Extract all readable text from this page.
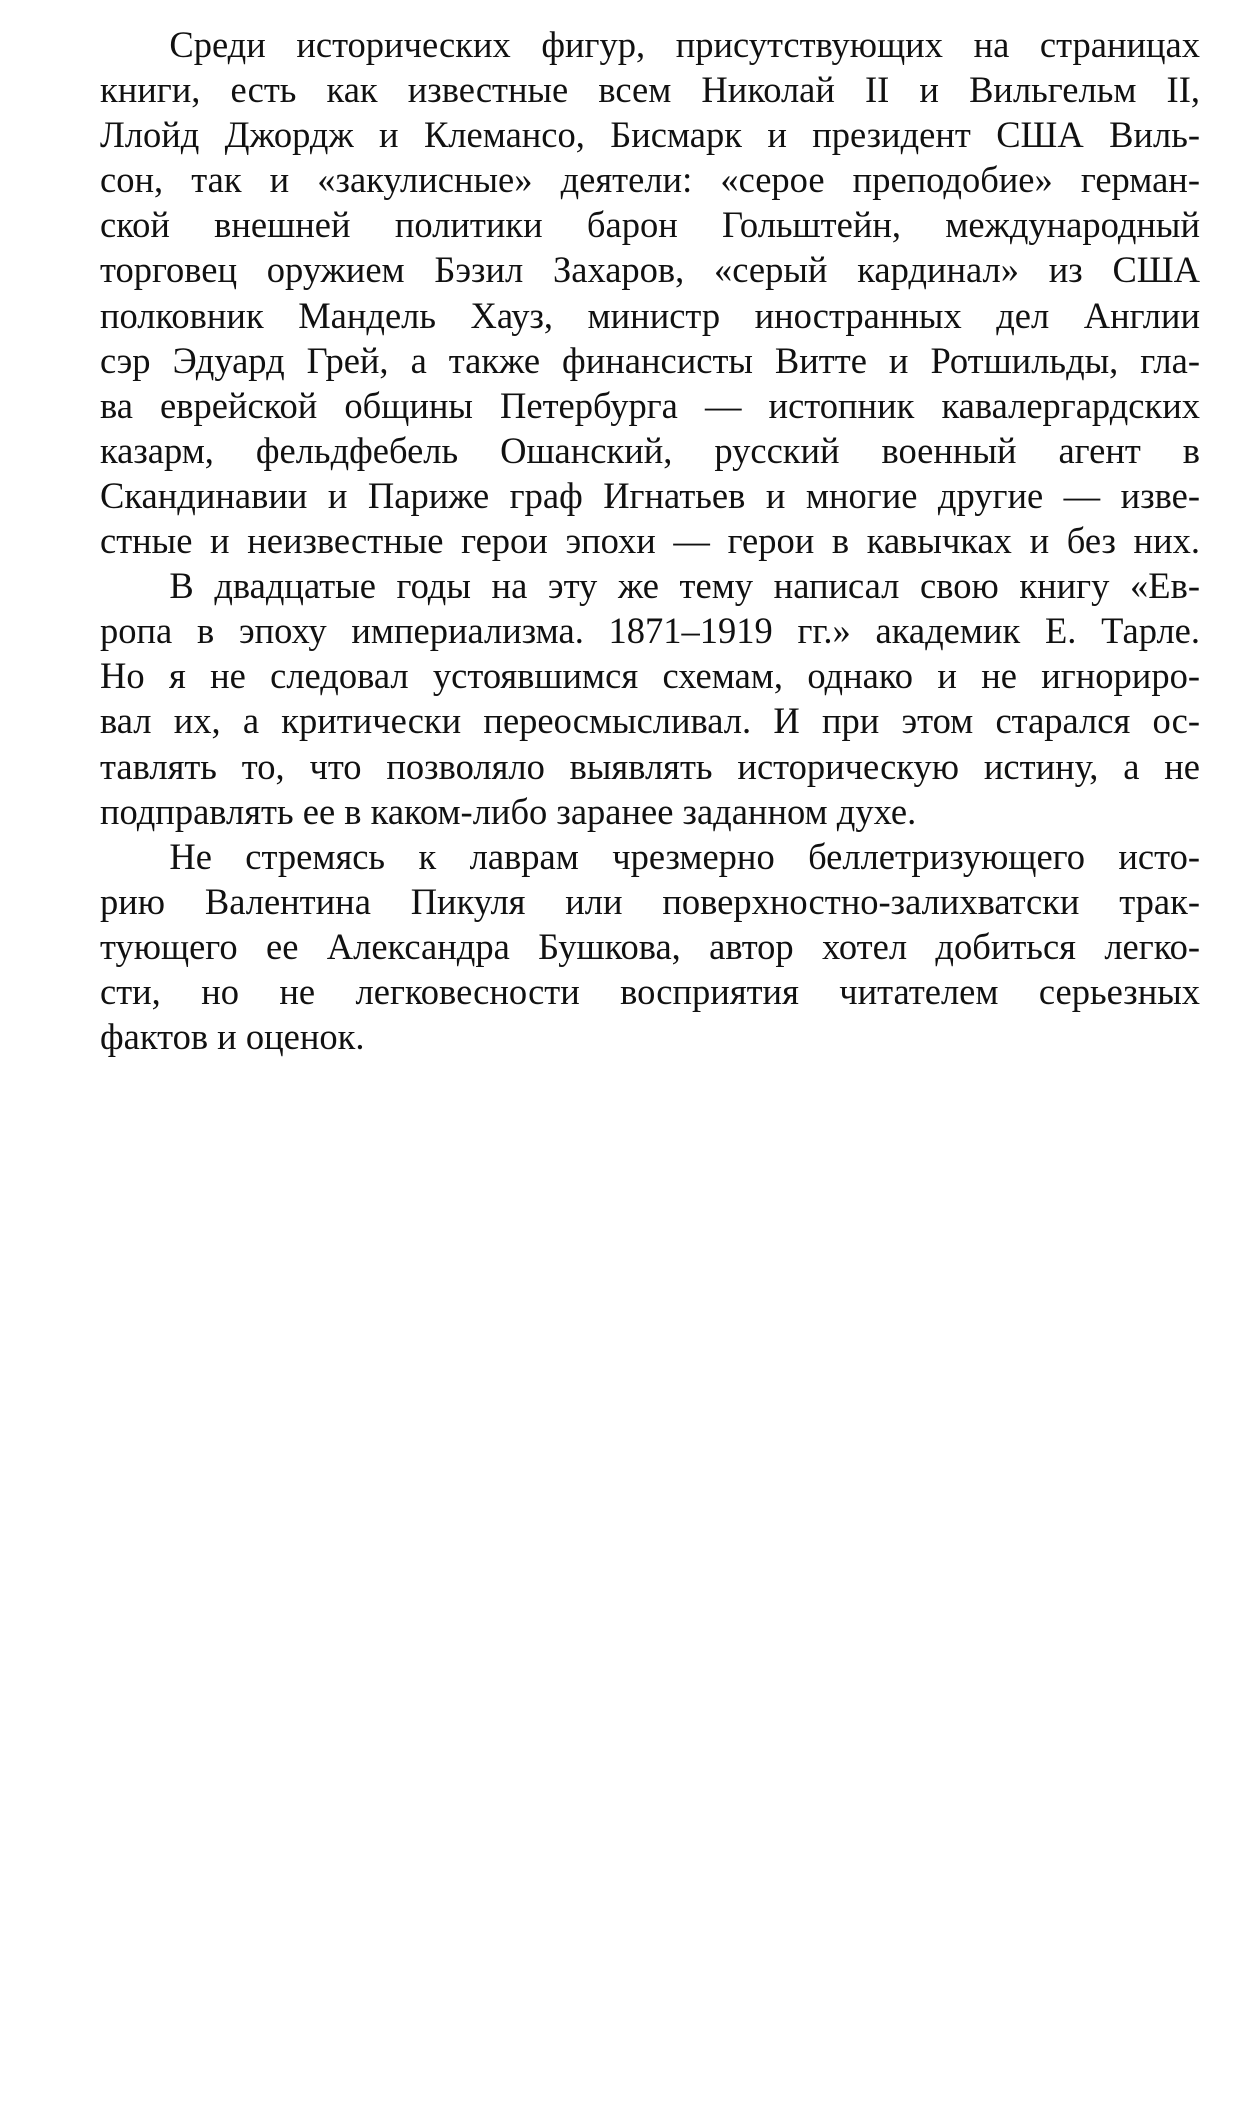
Среди исторических фигур, присутствующих на страницах
книги, есть как известные всем Николай II и Вильгельм II,
Ллойд Джордж и Клемансо, Бисмарк и президент США Виль-
сон, так и «закулисные» деятели: «серое преподобие» герман-
ской внешней политики барон Гольштейн, международный
торговец оружием Бэзил Захаров, «серый кардинал» из США
полковник Мандель Хауз, министр иностранных дел Англии
сэр Эдуард Грей, а также финансисты Витте и Ротшильды, гла-
ва еврейской общины Петербурга — истопник кавалергардских
казарм, фельдфебель Ошанский, русский военный агент в
Скандинавии и Париже граф Игнатьев и многие другие — изве-
стные и неизвестные герои эпохи — герои в кавычках и без них.

В двадцатые годы на эту же тему написал свою книгу «Ев-
ропа в эпоху империализма. 1871–1919 гг.» академик Е. Тарле.
Но я не следовал устоявшимся схемам, однако и не игнориро-
вал их, а критически переосмысливал. И при этом старался ос-
тавлять то, что позволяло выявлять историческую истину, а не
подправлять ее в каком-либо заранее заданном духе.

Не стремясь к лаврам чрезмерно беллетризующего исто-
рию Валентина Пикуля или поверхностно-залихватски трак-
тующего ее Александра Бушкова, автор хотел добиться легко-
сти, но не легковесности восприятия читателем серьезных
фактов и оценок.
